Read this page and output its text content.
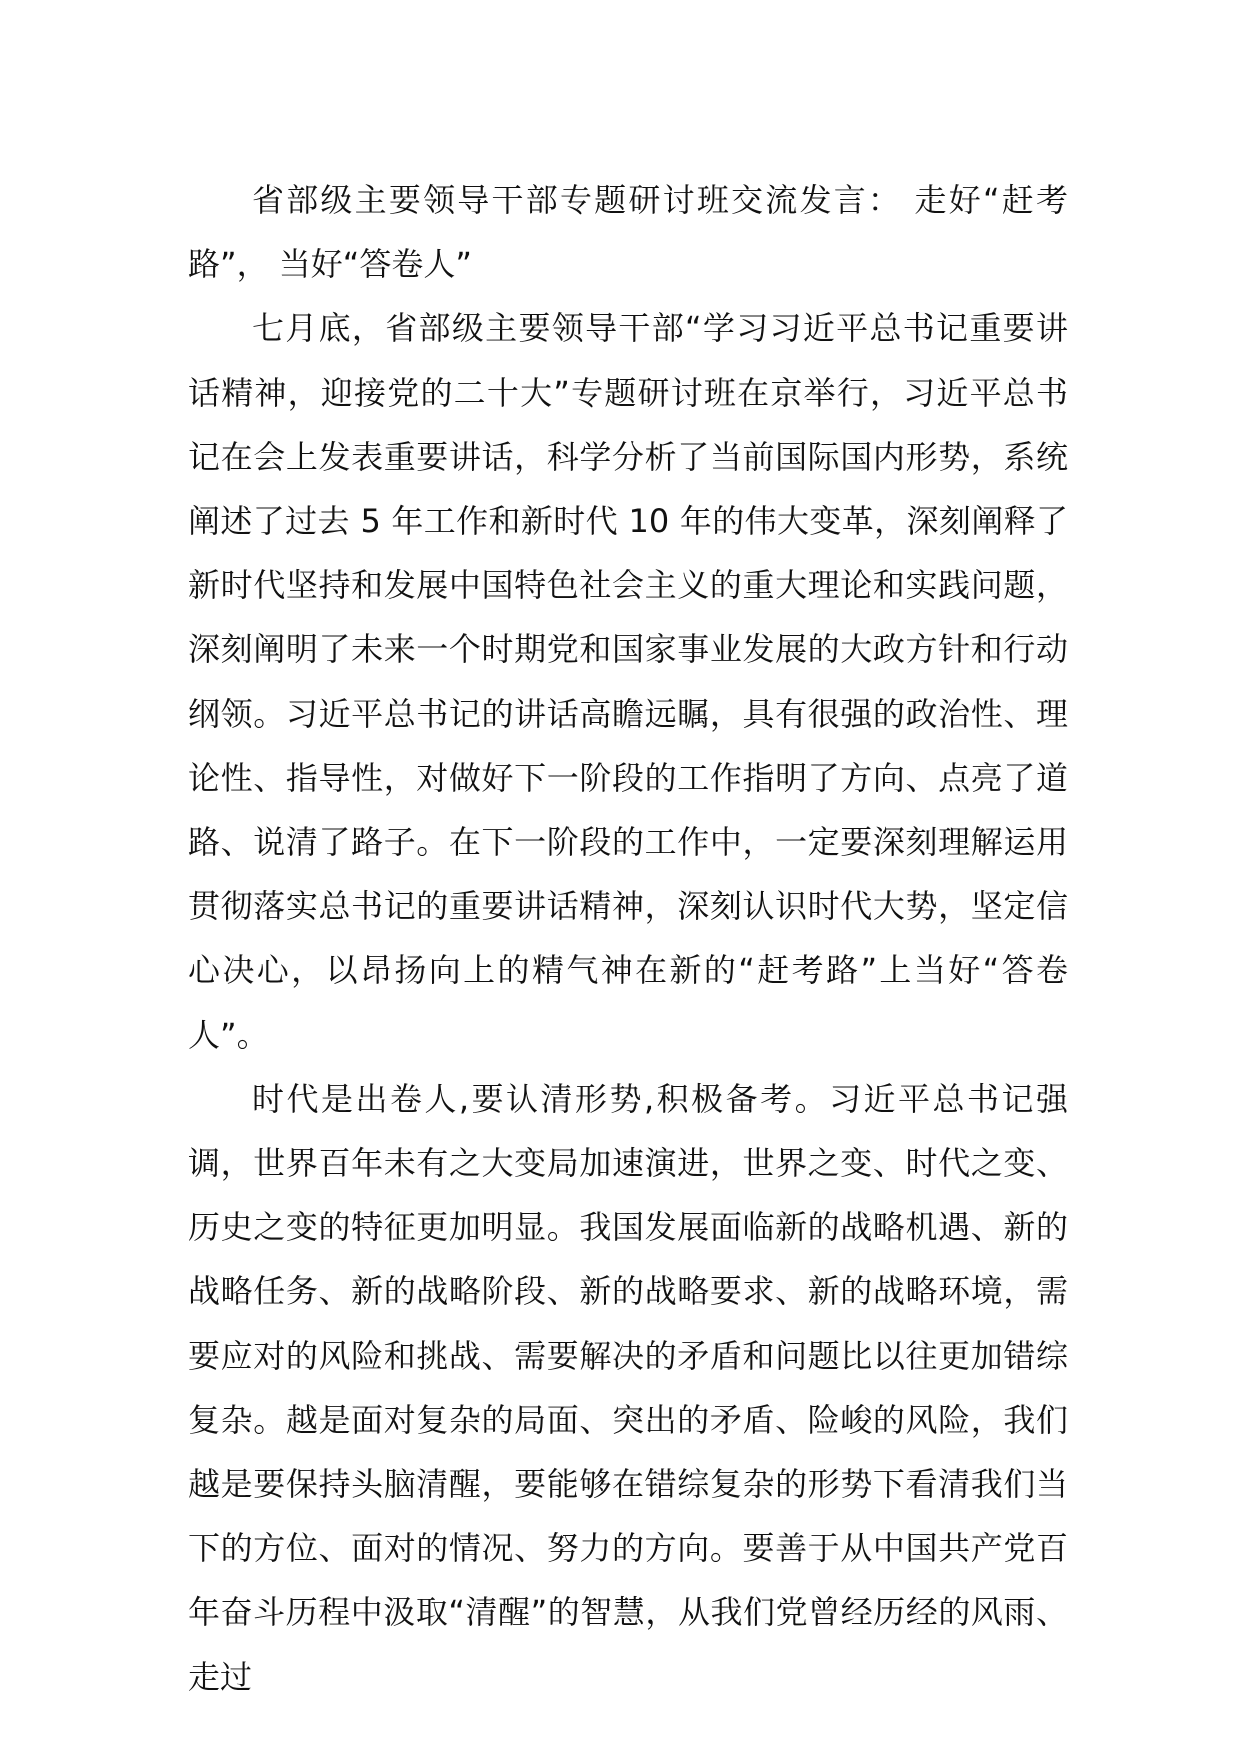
省部级主要领导干部专题研讨班交流发言： 走好“赶考路”， 当好“答卷人”

七月底，省部级主要领导干部“学习习近平总书记重要讲话精神，迎接党的二十大”专题研讨班在京举行，习近平总书记在会上发表重要讲话，科学分析了当前国际国内形势，系统阐述了过去 5 年工作和新时代 10 年的伟大变革，深刻阐释了新时代坚持和发展中国特色社会主义的重大理论和实践问题，深刻阐明了未来一个时期党和国家事业发展的大政方针和行动纲领。习近平总书记的讲话高瞻远瞩，具有很强的政治性、理论性、指导性，对做好下一阶段的工作指明了方向、点亮了道路、说清了路子。在下一阶段的工作中，一定要深刻理解运用贯彻落实总书记的重要讲话精神，深刻认识时代大势，坚定信心决心，以昂扬向上的精气神在新的“赶考路”上当好“答卷人”。

时代是出卷人,要认清形势,积极备考。习近平总书记强调，世界百年未有之大变局加速演进，世界之变、时代之变、历史之变的特征更加明显。我国发展面临新的战略机遇、新的战略任务、新的战略阶段、新的战略要求、新的战略环境，需要应对的风险和挑战、需要解决的矛盾和问题比以往更加错综复杂。越是面对复杂的局面、突出的矛盾、险峻的风险，我们越是要保持头脑清醒，要能够在错综复杂的形势下看清我们当下的方位、面对的情况、努力的方向。要善于从中国共产党百年奋斗历程中汲取“清醒”的智慧，从我们党曾经历经的风雨、走过
